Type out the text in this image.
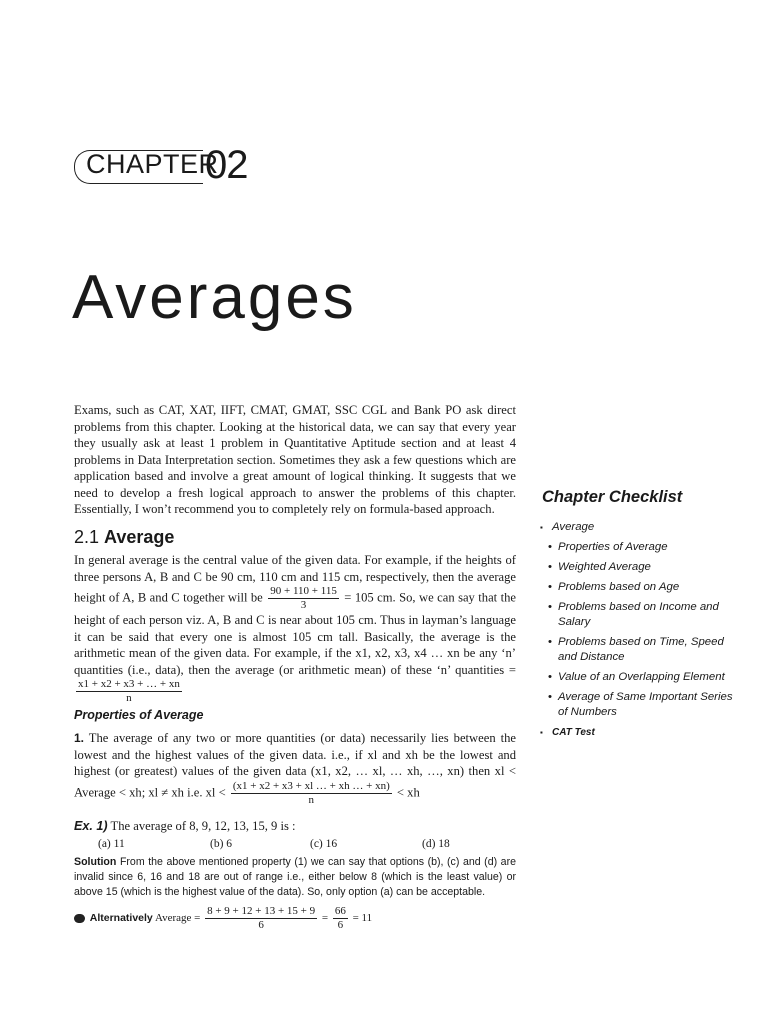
CHAPTER
02
Averages
Exams, such as CAT, XAT, IIFT, CMAT, GMAT, SSC CGL and Bank PO ask direct problems from this chapter. Looking at the historical data, we can say that every year they usually ask at least 1 problem in Quantitative Aptitude section and at least 4 problems in Data Interpretation section. Sometimes they ask a few questions which are application based and involve a great amount of logical thinking. It suggests that we need to develop a fresh logical approach to answer the problems of this chapter. Essentially, I won’t recommend you to completely rely on formula-based approach.
2.1 Average
In general average is the central value of the given data. For example, if the heights of three persons A, B and C be 90 cm, 110 cm and 115 cm, respectively, then the average height of A, B and C together will be $\frac{90 + 110 + 115}{3} = 105$ cm. So, we can say that the height of each person viz. A, B and C is near about 105 cm. Thus in layman’s language it can be said that every one is almost 105 cm tall. Basically, the average is the arithmetic mean of the given data. For example, if the x1, x2, x3, x4 … xn be any ‘n’ quantities (i.e., data), then the average (or arithmetic mean) of these ‘n’ quantities =
$\frac{x1 + x2 + x3 + \dots + xn}{n}$
Properties of Average
1. The average of any two or more quantities (or data) necessarily lies between the lowest and the highest values of the given data. i.e., if xl and xh be the lowest and highest (or greatest) values of the given data (x1, x2, … xl, … xh, …, xn) then xl < Average < xh; xl ≠ xh i.e. xl < $\frac{(x1 + x2 + x3 + xl \dots + xh \dots + xn)}{n}$ < xh
Ex. 1) The average of 8, 9, 12, 13, 15, 9 is :
(a) 11	(b) 6	(c) 16	(d) 18
Solution From the above mentioned property (1) we can say that options (b), (c) and (d) are invalid since 6, 16 and 18 are out of range i.e., either below 8 (which is the least value) or above 15 (which is the highest value of the data). So, only option (a) can be acceptable.
Alternatively Average = $\frac{8 + 9 + 12 + 13 + 15 + 9}{6} = \frac{66}{6} = 11$
Chapter Checklist
▪ Average
• Properties of Average
• Weighted Average
• Problems based on Age
• Problems based on Income and Salary
• Problems based on Time, Speed and Distance
• Value of an Overlapping Element
• Average of Same Important Series of Numbers
▪ CAT Test
